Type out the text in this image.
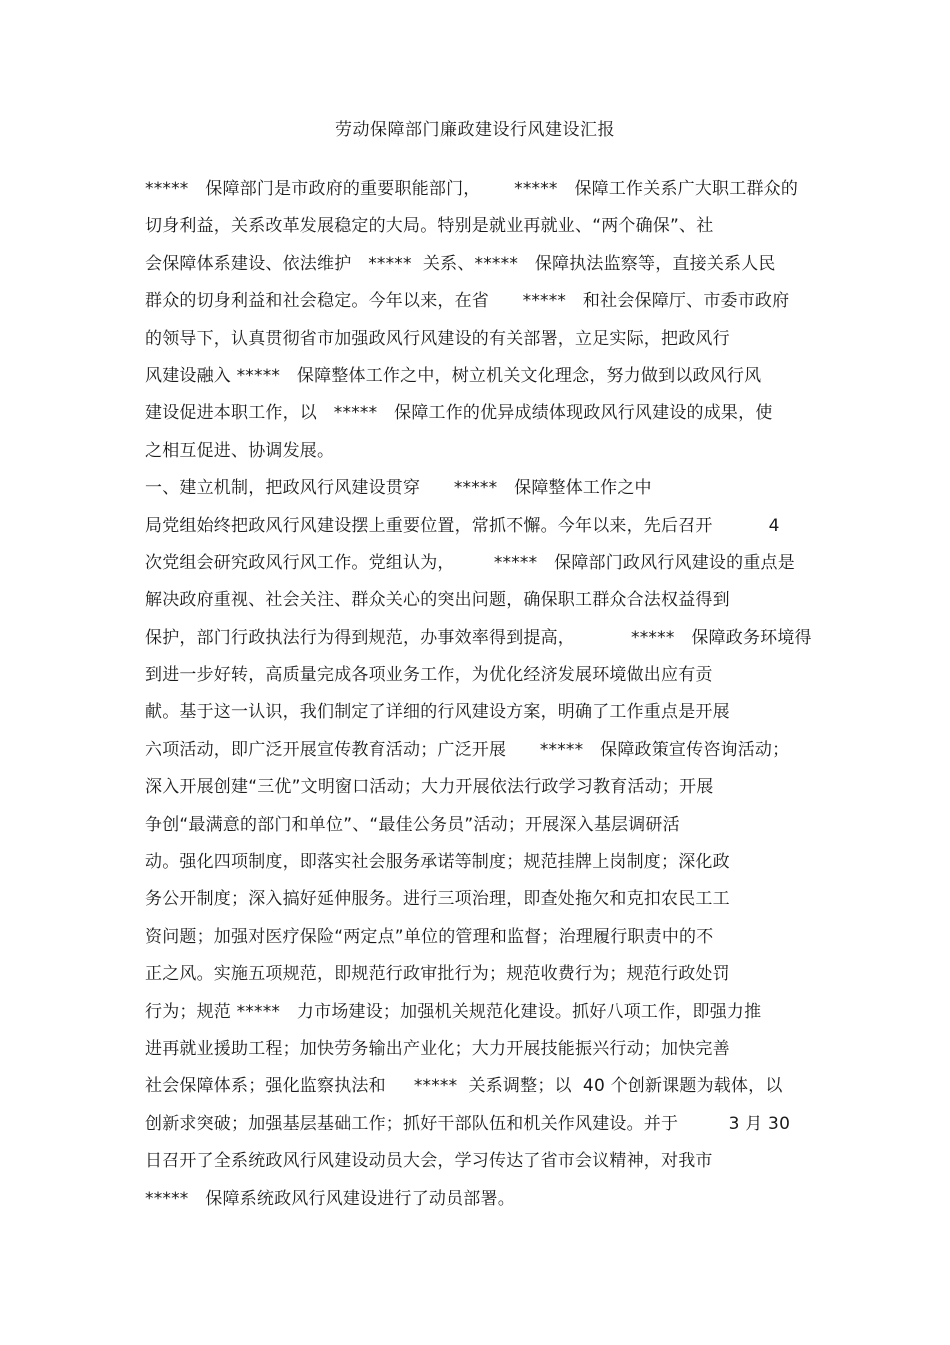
劳动保障部门廉政建设行风建设汇报
*****   保障部门是市政府的重要职能部门，      *****   保障工作关系广大职工群众的
切身利益，关系改革发展稳定的大局。特别是就业再就业、“两个确保”、社
会保障体系建设、依法维护   *****  关系、*****   保障执法监察等，直接关系人民
群众的切身利益和社会稳定。今年以来，在省      *****   和社会保障厅、市委市政府
的领导下，认真贯彻省市加强政风行风建设的有关部署，立足实际，把政风行
风建设融入 *****   保障整体工作之中，树立机关文化理念，努力做到以政风行风
建设促进本职工作，以   *****   保障工作的优异成绩体现政风行风建设的成果，使
之相互促进、协调发展。
一、建立机制，把政风行风建设贯穿      *****   保障整体工作之中
局党组始终把政风行风建设摆上重要位置，常抓不懈。今年以来，先后召开          4
次党组会研究政风行风工作。党组认为，       *****   保障部门政风行风建设的重点是
解决政府重视、社会关注、群众关心的突出问题，确保职工群众合法权益得到
保护，部门行政执法行为得到规范，办事效率得到提高，          *****   保障政务环境得
到进一步好转，高质量完成各项业务工作，为优化经济发展环境做出应有贡
献。基于这一认识，我们制定了详细的行风建设方案，明确了工作重点是开展
六项活动，即广泛开展宣传教育活动；广泛开展      *****   保障政策宣传咨询活动；
深入开展创建“三优”文明窗口活动；大力开展依法行政学习教育活动；开展
争创“最满意的部门和单位”、“最佳公务员”活动；开展深入基层调研活
动。强化四项制度，即落实社会服务承诺等制度；规范挂牌上岗制度；深化政
务公开制度；深入搞好延伸服务。进行三项治理，即查处拖欠和克扣农民工工
资问题；加强对医疗保险“两定点”单位的管理和监督；治理履行职责中的不
正之风。实施五项规范，即规范行政审批行为；规范收费行为；规范行政处罚
行为；规范 *****   力市场建设；加强机关规范化建设。抓好八项工作，即强力推
进再就业援助工程；加快劳务输出产业化；大力开展技能振兴行动；加快完善
社会保障体系；强化监察执法和     *****  关系调整；以  40 个创新课题为载体，以
创新求突破；加强基层基础工作；抓好干部队伍和机关作风建设。并于         3 月 30
日召开了全系统政风行风建设动员大会，学习传达了省市会议精神，对我市
*****   保障系统政风行风建设进行了动员部署。
